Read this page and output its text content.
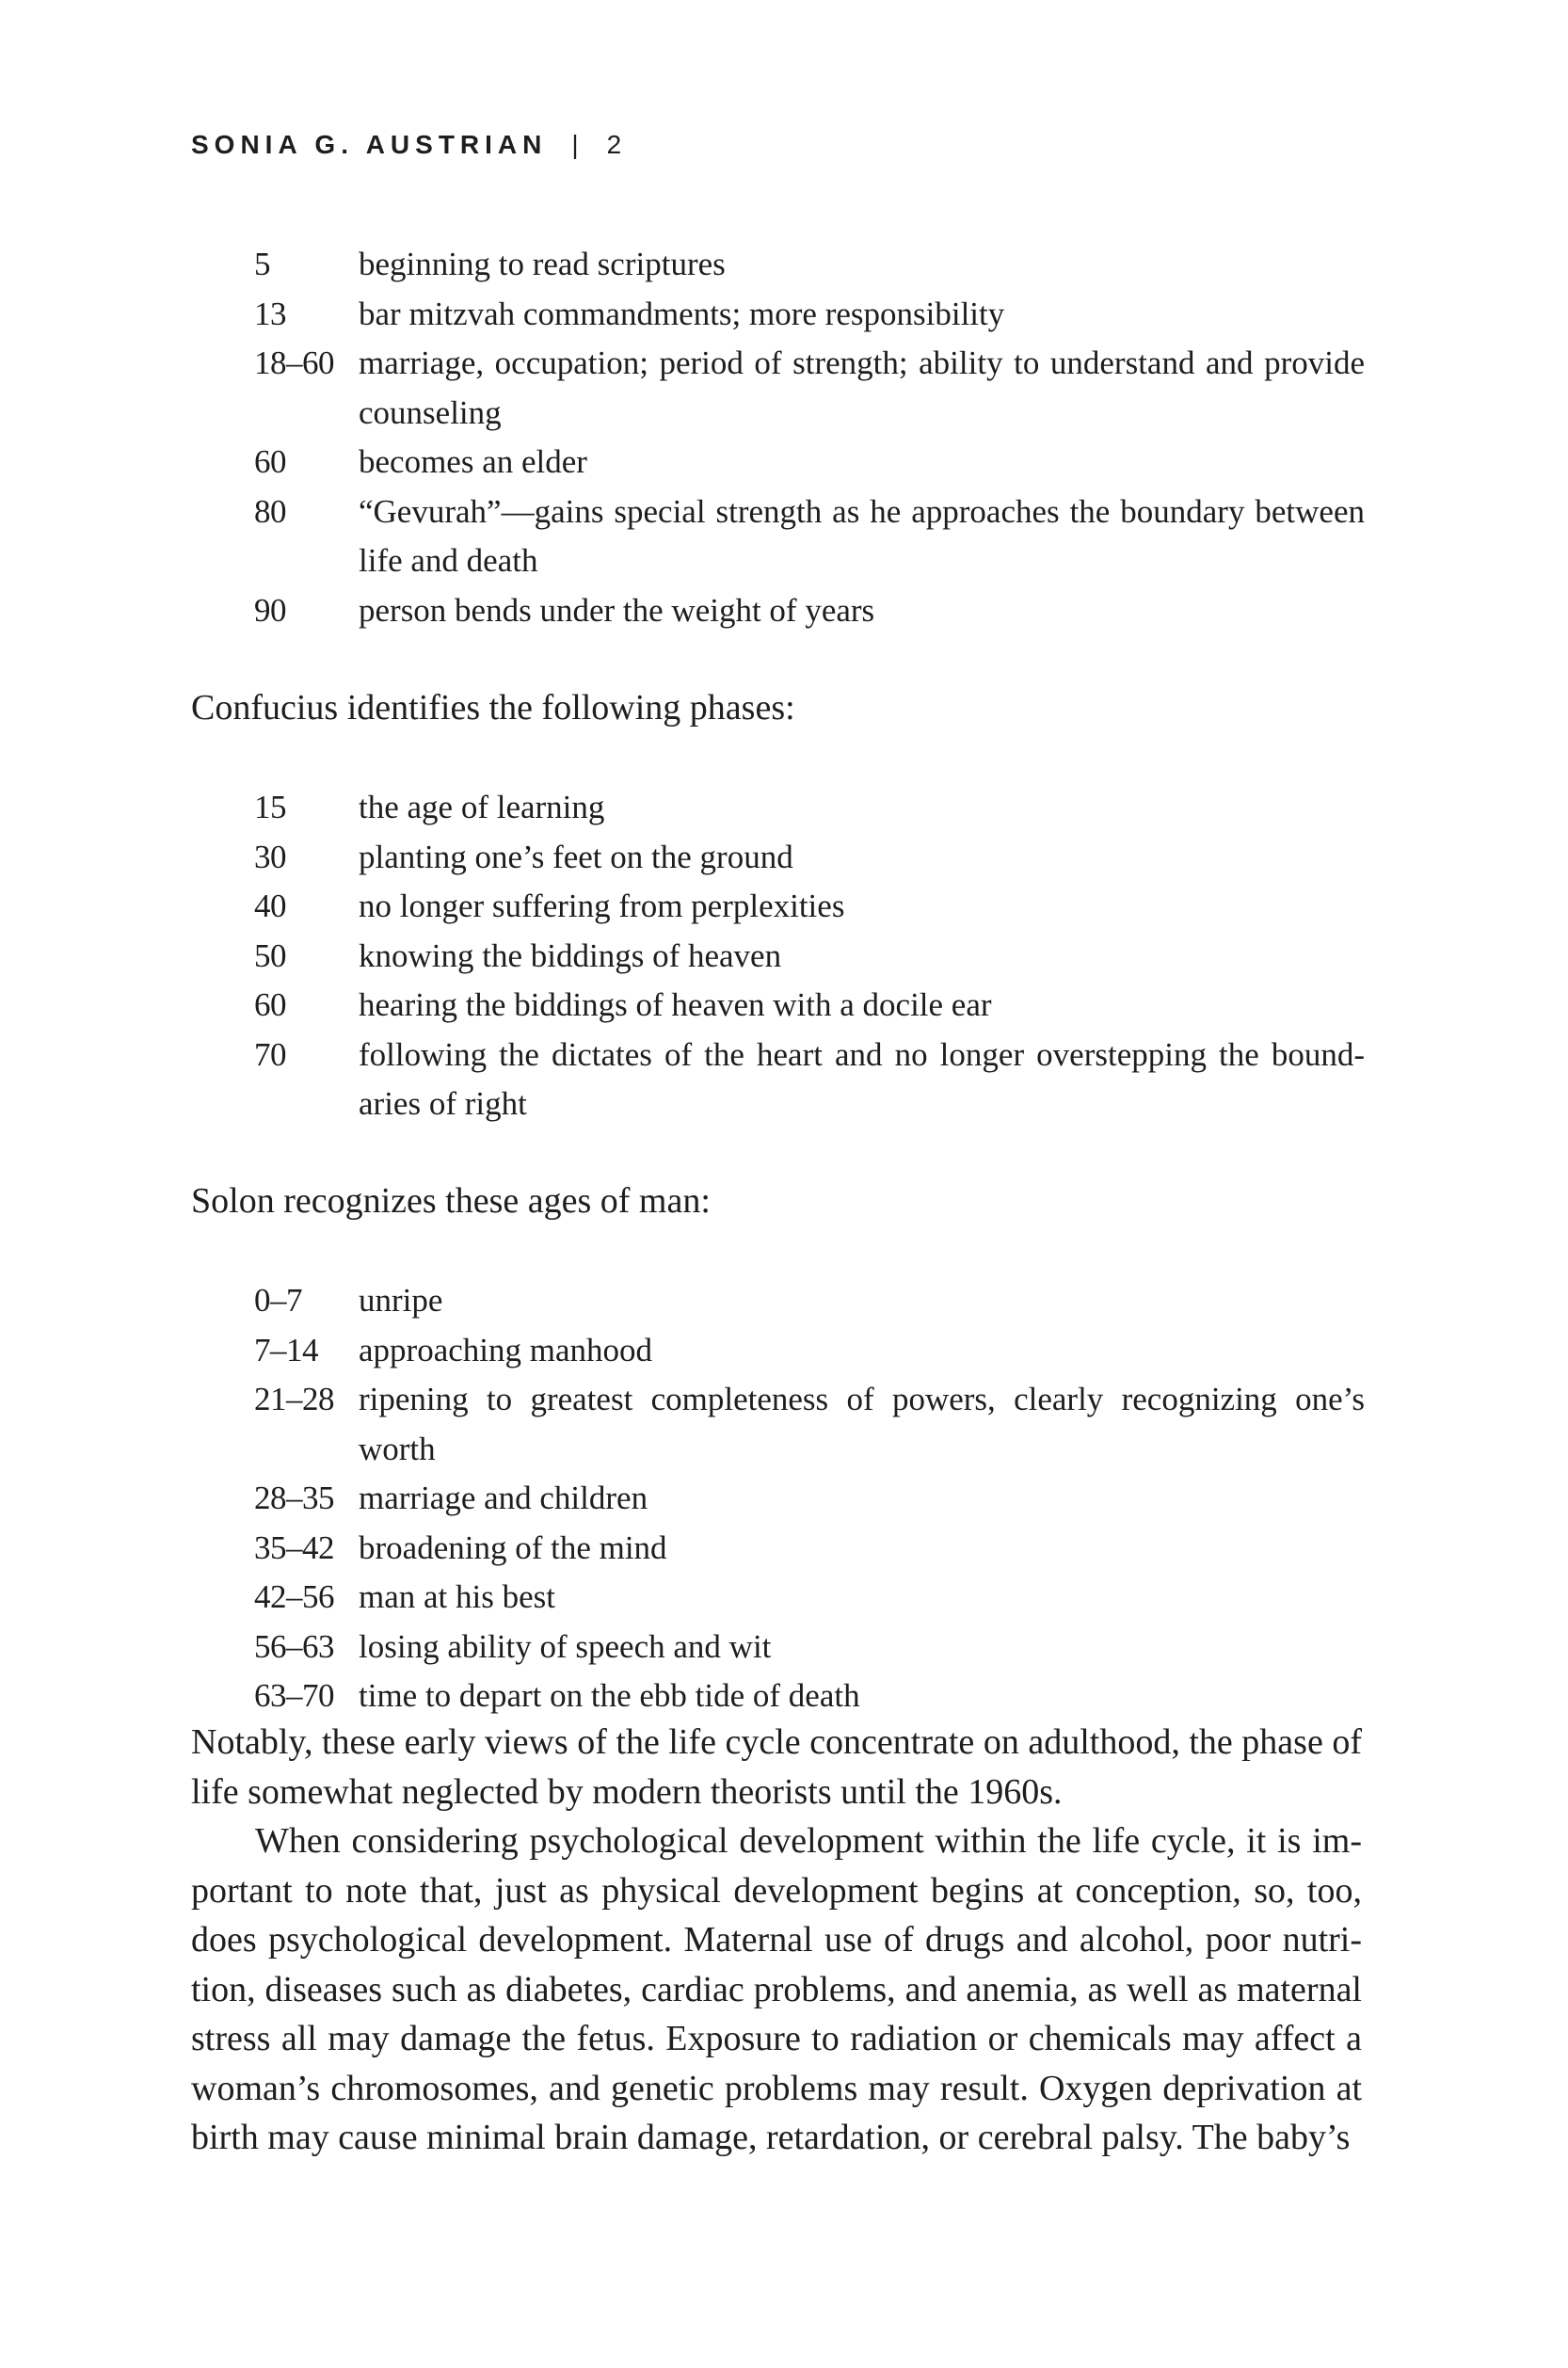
SONIA G. AUSTRIAN | 2
5	beginning to read scriptures
13	bar mitzvah commandments; more responsibility
18–60 marriage, occupation; period of strength; ability to understand and provide counseling
60	becomes an elder
80	“Gevurah”—gains special strength as he approaches the boundary between life and death
90	person bends under the weight of years
Confucius identifies the following phases:
15	the age of learning
30	planting one’s feet on the ground
40	no longer suffering from perplexities
50	knowing the biddings of heaven
60	hearing the biddings of heaven with a docile ear
70	following the dictates of the heart and no longer overstepping the boundaries of right
Solon recognizes these ages of man:
0–7	unripe
7–14	approaching manhood
21–28 ripening to greatest completeness of powers, clearly recognizing one’s worth
28–35 marriage and children
35–42 broadening of the mind
42–56 man at his best
56–63 losing ability of speech and wit
63–70 time to depart on the ebb tide of death

Notably, these early views of the life cycle concentrate on adulthood, the phase of life somewhat neglected by modern theorists until the 1960s.

When considering psychological development within the life cycle, it is important to note that, just as physical development begins at conception, so, too, does psychological development. Maternal use of drugs and alcohol, poor nutrition, diseases such as diabetes, cardiac problems, and anemia, as well as maternal stress all may damage the fetus. Exposure to radiation or chemicals may affect a woman’s chromosomes, and genetic problems may result. Oxygen deprivation at birth may cause minimal brain damage, retardation, or cerebral palsy. The baby’s
